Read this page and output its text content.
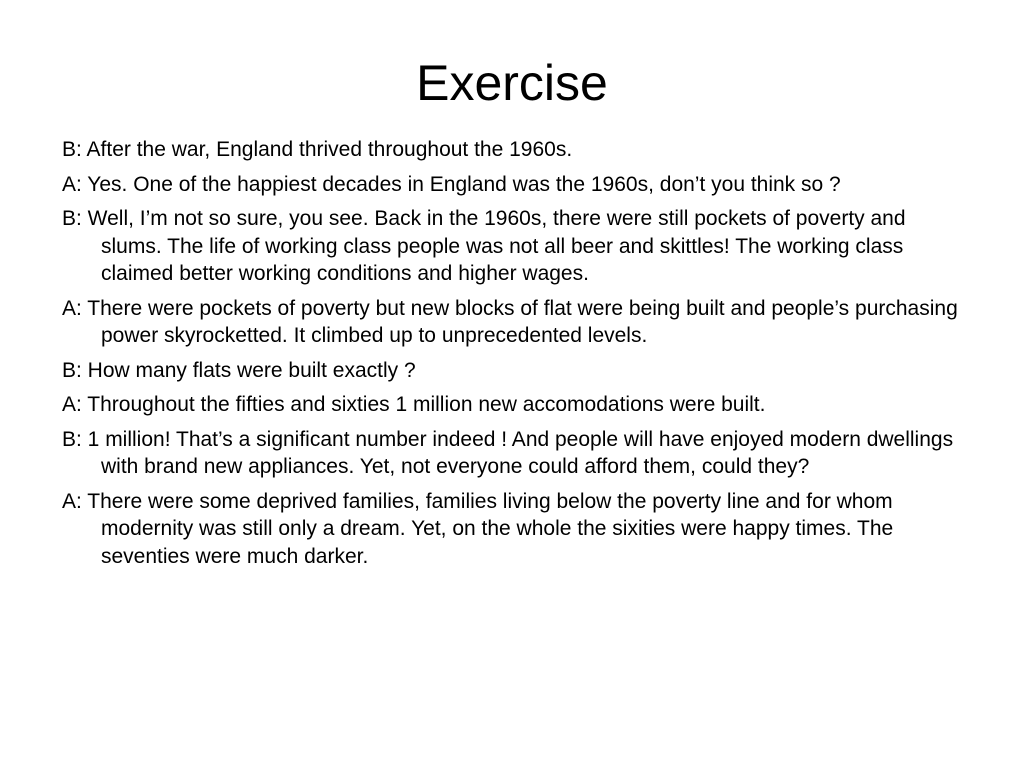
Exercise
B: After the war, England thrived throughout the 1960s.
A: Yes. One of the happiest decades in England was the 1960s, don’t you think so ?
B: Well, I’m not so sure, you see. Back in the 1960s, there were still pockets of poverty and slums. The life of working class people was not all beer and skittles! The working class claimed better working conditions and higher wages.
A: There were pockets of poverty but new blocks of flat were being built and people’s purchasing power skyrocketted. It climbed up to unprecedented levels.
B: How many flats were built exactly ?
A: Throughout the fifties and sixties 1 million new accomodations were built.
B: 1 million! That’s a significant number indeed ! And people will have enjoyed modern dwellings with brand new appliances. Yet, not everyone could afford them, could they?
A: There were some deprived families, families living below the poverty line and for whom modernity was still only a dream. Yet, on the whole the sixities were happy times. The seventies were much darker.
